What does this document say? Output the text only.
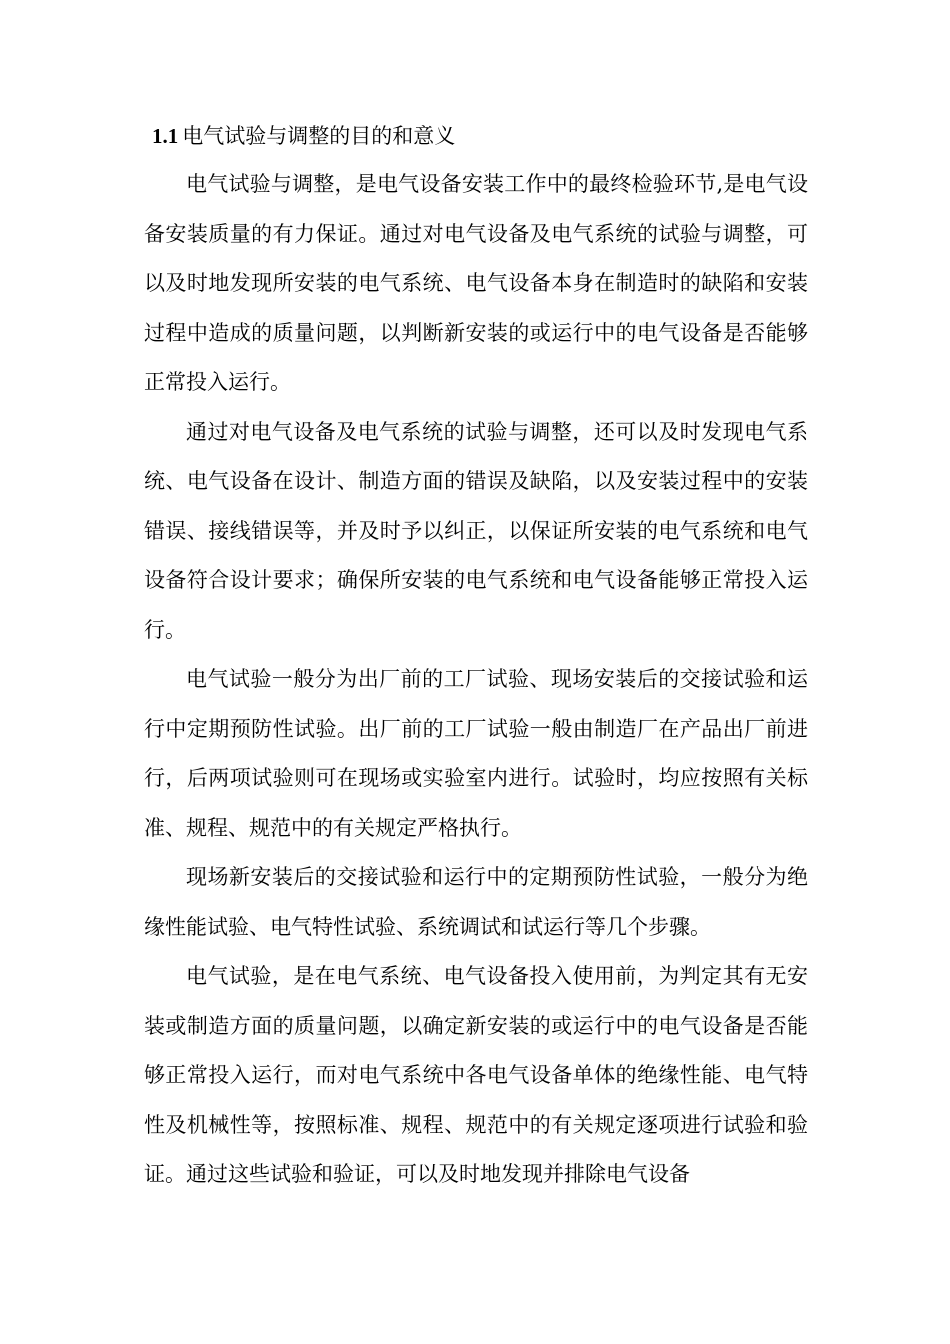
1.1 电气试验与调整的目的和意义

电气试验与调整，是电气设备安装工作中的最终检验环节,是电气设备安装质量的有力保证。通过对电气设备及电气系统的试验与调整，可以及时地发现所安装的电气系统、电气设备本身在制造时的缺陷和安装过程中造成的质量问题，以判断新安装的或运行中的电气设备是否能够正常投入运行。

通过对电气设备及电气系统的试验与调整，还可以及时发现电气系统、电气设备在设计、制造方面的错误及缺陷，以及安装过程中的安装错误、接线错误等，并及时予以纠正，以保证所安装的电气系统和电气设备符合设计要求；确保所安装的电气系统和电气设备能够正常投入运行。

电气试验一般分为出厂前的工厂试验、现场安装后的交接试验和运行中定期预防性试验。出厂前的工厂试验一般由制造厂在产品出厂前进行，后两项试验则可在现场或实验室内进行。试验时，均应按照有关标准、规程、规范中的有关规定严格执行。

现场新安装后的交接试验和运行中的定期预防性试验，一般分为绝缘性能试验、电气特性试验、系统调试和试运行等几个步骤。

电气试验，是在电气系统、电气设备投入使用前，为判定其有无安装或制造方面的质量问题，以确定新安装的或运行中的电气设备是否能够正常投入运行，而对电气系统中各电气设备单体的绝缘性能、电气特性及机械性等，按照标准、规程、规范中的有关规定逐项进行试验和验证。通过这些试验和验证，可以及时地发现并排除电气设备
